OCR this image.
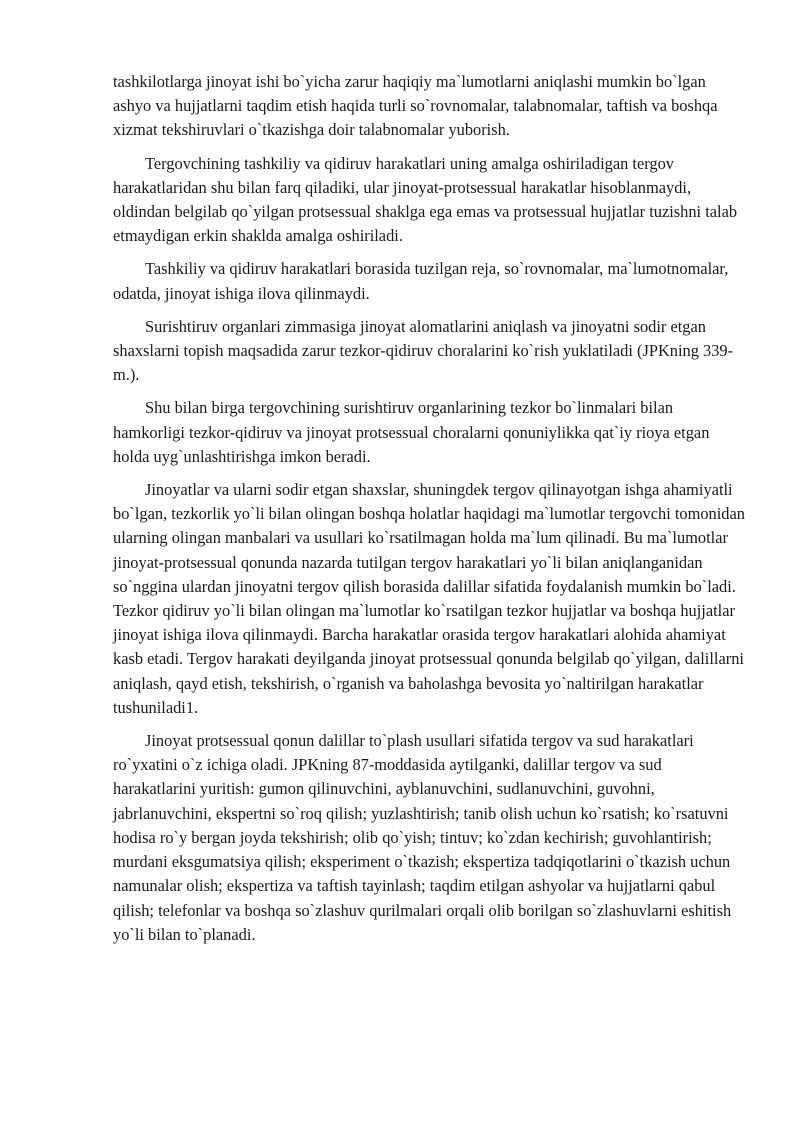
tashkilotlarga jinoyat ishi bo`yicha zarur haqiqiy ma`lumotlarni aniqlashi mumkin bo`lgan ashyo va hujjatlarni taqdim etish haqida turli so`rovnomalar, talabnomalar, taftish va boshqa xizmat tekshiruvlari o`tkazishga doir talabnomalar yuborish.

Tergovchining tashkiliy va qidiruv harakatlari uning amalga oshiriladigan tergov harakatlaridan shu bilan farq qiladiki, ular jinoyat-protsessual harakatlar hisoblanmaydi, oldindan belgilab qo`yilgan protsessual shaklga ega emas va protsessual hujjatlar tuzishni talab etmaydigan erkin shaklda amalga oshiriladi.

Tashkiliy va qidiruv harakatlari borasida tuzilgan reja, so`rovnomalar, ma`lumotnomalar, odatda, jinoyat ishiga ilova qilinmaydi.

Surishtiruv organlari zimmasiga jinoyat alomatlarini aniqlash va jinoyatni sodir etgan shaxslarni topish maqsadida zarur tezkor-qidiruv choralarini ko`rish yuklatiladi (JPKning 339-m.).

Shu bilan birga tergovchining surishtiruv organlarining tezkor bo`linmalari bilan hamkorligi tezkor-qidiruv va jinoyat protsessual choralarni qonuniylikka qat`iy rioya etgan holda uyg`unlashtirishga imkon beradi.

Jinoyatlar va ularni sodir etgan shaxslar, shuningdek tergov qilinayotgan ishga ahamiyatli bo`lgan, tezkorlik yo`li bilan olingan boshqa holatlar haqidagi ma`lumotlar tergovchi tomonidan ularning olingan manbalari va usullari ko`rsatilmagan holda ma`lum qilinadi. Bu ma`lumotlar jinoyat-protsessual qonunda nazarda tutilgan tergov harakatlari yo`li bilan aniqlanganidan so`nggina ulardan jinoyatni tergov qilish borasida dalillar sifatida foydalanish mumkin bo`ladi. Tezkor qidiruv yo`li bilan olingan ma`lumotlar ko`rsatilgan tezkor hujjatlar va boshqa hujjatlar jinoyat ishiga ilova qilinmaydi. Barcha harakatlar orasida tergov harakatlari alohida ahamiyat kasb etadi. Tergov harakati deyilganda jinoyat protsessual qonunda belgilab qo`yilgan, dalillarni aniqlash, qayd etish, tekshirish, o`rganish va baholashga bevosita yo`naltirilgan harakatlar tushuniladi1.

Jinoyat protsessual qonun dalillar to`plash usullari sifatida tergov va sud harakatlari ro`yxatini o`z ichiga oladi. JPKning 87-moddasida aytilganki, dalillar tergov va sud harakatlarini yuritish: gumon qilinuvchini, ayblanuvchini, sudlanuvchini, guvohni, jabrlanuvchini, ekspertni so`roq qilish; yuzlashtirish; tanib olish uchun ko`rsatish; ko`rsatuvni hodisa ro`y bergan joyda tekshirish; olib qo`yish; tintuv; ko`zdan kechirish; guvohlantirish; murdani eksgumatsiya qilish; eksperiment o`tkazish; ekspertiza tadqiqotlarini o`tkazish uchun namunalar olish; ekspertiza va taftish tayinlash; taqdim etilgan ashyolar va hujjatlarni qabul qilish; telefonlar va boshqa so`zlashuv qurilmalari orqali olib borilgan so`zlashuvlarni eshitish yo`li bilan to`planadi.
